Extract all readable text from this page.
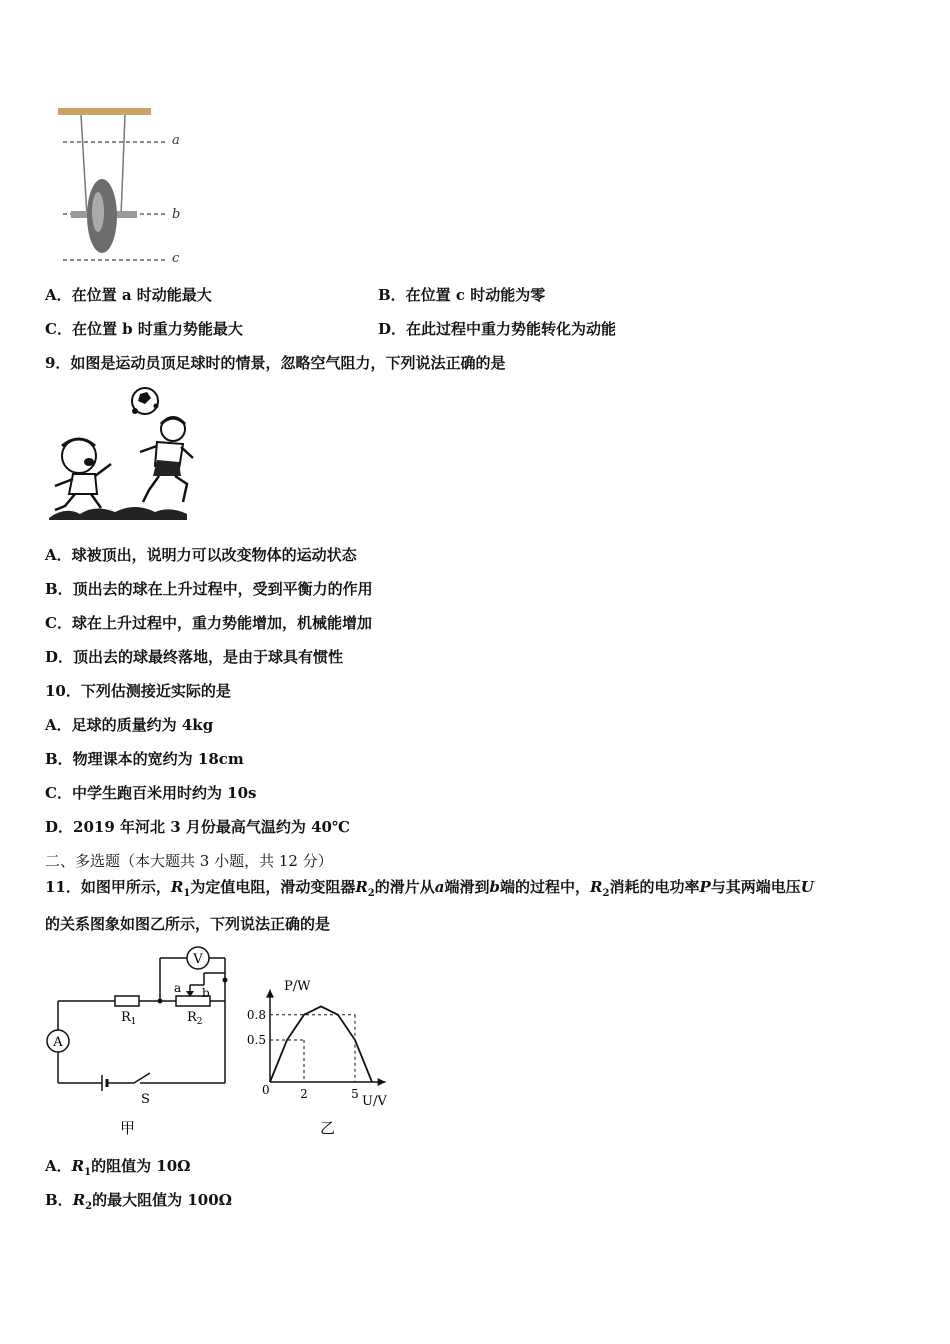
a
b
c
A．在位置 a 时动能最大	B．在位置 c 时动能为零
C．在位置 b 时重力势能最大	D．在此过程中重力势能转化为动能
9．如图是运动员顶足球时的情景，忽略空气阻力，下列说法正确的是
A．球被顶出，说明力可以改变物体的运动状态
B．顶出去的球在上升过程中，受到平衡力的作用
C．球在上升过程中，重力势能增加，机械能增加
D．顶出去的球最终落地，是由于球具有惯性
10．下列估测接近实际的是
A．足球的质量约为 4kg
B．物理课本的宽约为 18cm
C．中学生跑百米用时约为 10s
D．2019 年河北 3 月份最高气温约为 40℃
二、多选题（本大题共 3 小题，共 12 分）
11．如图甲所示，$R_1$为定值电阻，滑动变阻器$R_2$的滑片从a端滑到b端的过程中，$R_2$消耗的电功率P与其两端电压U
的关系图象如图乙所示，下列说法正确的是
V
A
$R_1$	$R_2$
a b
S
甲
P/W
U/V
0
0.8
0.5
2	5
乙
A．$R_1$的阻值为 10Ω
B．$R_2$的最大阻值为 100Ω
